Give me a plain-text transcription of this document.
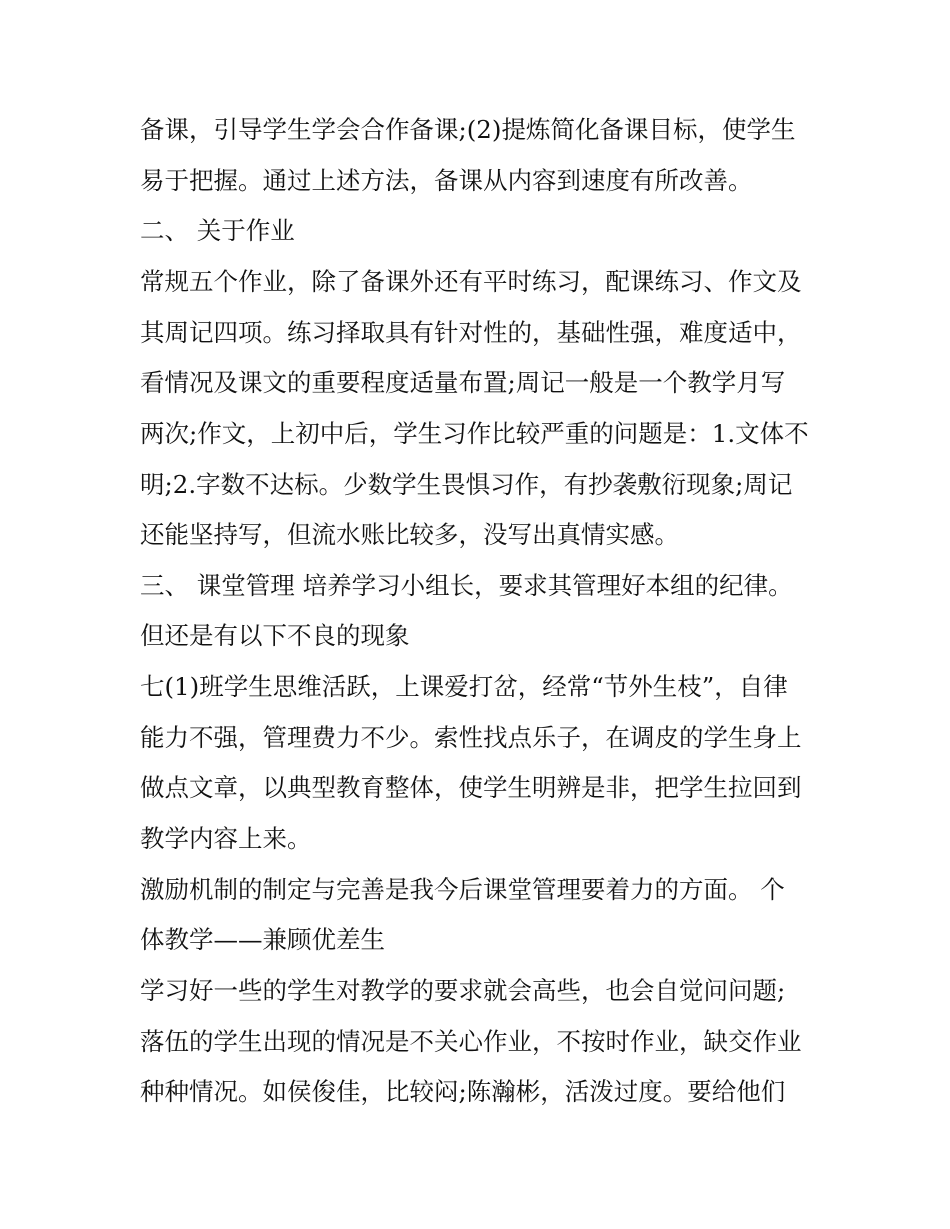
备课，引导学生学会合作备课;(2)提炼简化备课目标，使学生
易于把握。通过上述方法，备课从内容到速度有所改善。
二、 关于作业
常规五个作业，除了备课外还有平时练习，配课练习、作文及
其周记四项。练习择取具有针对性的，基础性强，难度适中，
看情况及课文的重要程度适量布置;周记一般是一个教学月写
两次;作文，上初中后，学生习作比较严重的问题是：1.文体不
明;2.字数不达标。少数学生畏惧习作，有抄袭敷衍现象;周记
还能坚持写，但流水账比较多，没写出真情实感。
三、 课堂管理 培养学习小组长，要求其管理好本组的纪律。
但还是有以下不良的现象
七(1)班学生思维活跃，上课爱打岔，经常“节外生枝”，自律
能力不强，管理费力不少。索性找点乐子，在调皮的学生身上
做点文章，以典型教育整体，使学生明辨是非，把学生拉回到
教学内容上来。
激励机制的制定与完善是我今后课堂管理要着力的方面。 个
体教学——兼顾优差生
学习好一些的学生对教学的要求就会高些，也会自觉问问题;
落伍的学生出现的情况是不关心作业，不按时作业，缺交作业
种种情况。如侯俊佳，比较闷;陈瀚彬，活泼过度。要给他们
